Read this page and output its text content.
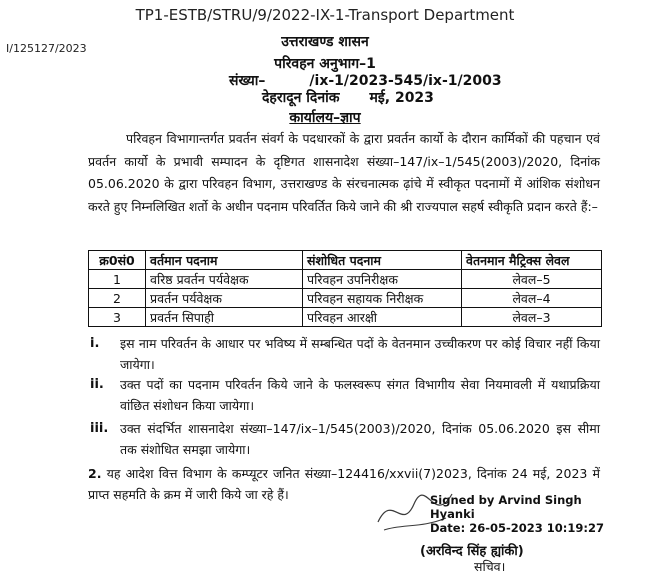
TP1-ESTB/STRU/9/2022-IX-1-Transport Department
I/125127/2023	उत्तराखण्ड शासन
परिवहन अनुभाग–1
संख्या–	/ix-1/2023-545/ix-1/2003
देहरादून दिनांक मई, 2023
कार्यालय–ज्ञाप
परिवहन विभागान्तर्गत प्रवर्तन संवर्ग के पदधारकों के द्वारा प्रवर्तन कार्यो के दौरान कार्मिकों की पहचान एवं प्रवर्तन कार्यो के प्रभावी सम्पादन के दृष्टिगत शासनादेश संख्या–147/ix–1/545(2003)/2020, दिनांक 05.06.2020 के द्वारा परिवहन विभाग, उत्तराखण्ड के संरचनात्मक ढ़ांचे में स्वीकृत पदनामों में आंशिक संशोधन करते हुए निम्नलिखित शर्तो के अधीन पदनाम परिवर्तित किये जाने की श्री राज्यपाल सहर्ष स्वीकृति प्रदान करते हैं:–
क्र0सं0	वर्तमान पदनाम	संशोधित पदनाम	वेतनमान मैट्रिक्स लेवल
1	वरिष्ठ प्रवर्तन पर्यवेक्षक	परिवहन उपनिरीक्षक	लेवल–5
2	प्रवर्तन पर्यवेक्षक	परिवहन सहायक निरीक्षक	लेवल–4
3	प्रवर्तन सिपाही	परिवहन आरक्षी	लेवल–3
i. इस नाम परिवर्तन के आधार पर भविष्य में सम्बन्धित पदों के वेतनमान उच्चीकरण पर कोई विचार नहीं किया जायेगा।
ii. उक्त पदों का पदनाम परिवर्तन किये जाने के फलस्वरूप संगत विभागीय सेवा नियमावली में यथाप्रक्रिया वांछित संशोधन किया जायेगा।
iii. उक्त संदर्भित शासनादेश संख्या–147/ix–1/545(2003)/2020, दिनांक 05.06.2020 इस सीमा तक संशोधित समझा जायेगा।
2. यह आदेश वित्त विभाग के कम्प्यूटर जनित संख्या–124416/xxvii(7)2023, दिनांक 24 मई, 2023 में प्राप्त सहमति के क्रम में जारी किये जा रहे हैं।	Signed by Arvind Singh
Hyanki
Date: 26-05-2023 10:19:27
(अरविन्द सिंह ह्यांकी)
सचिव।
